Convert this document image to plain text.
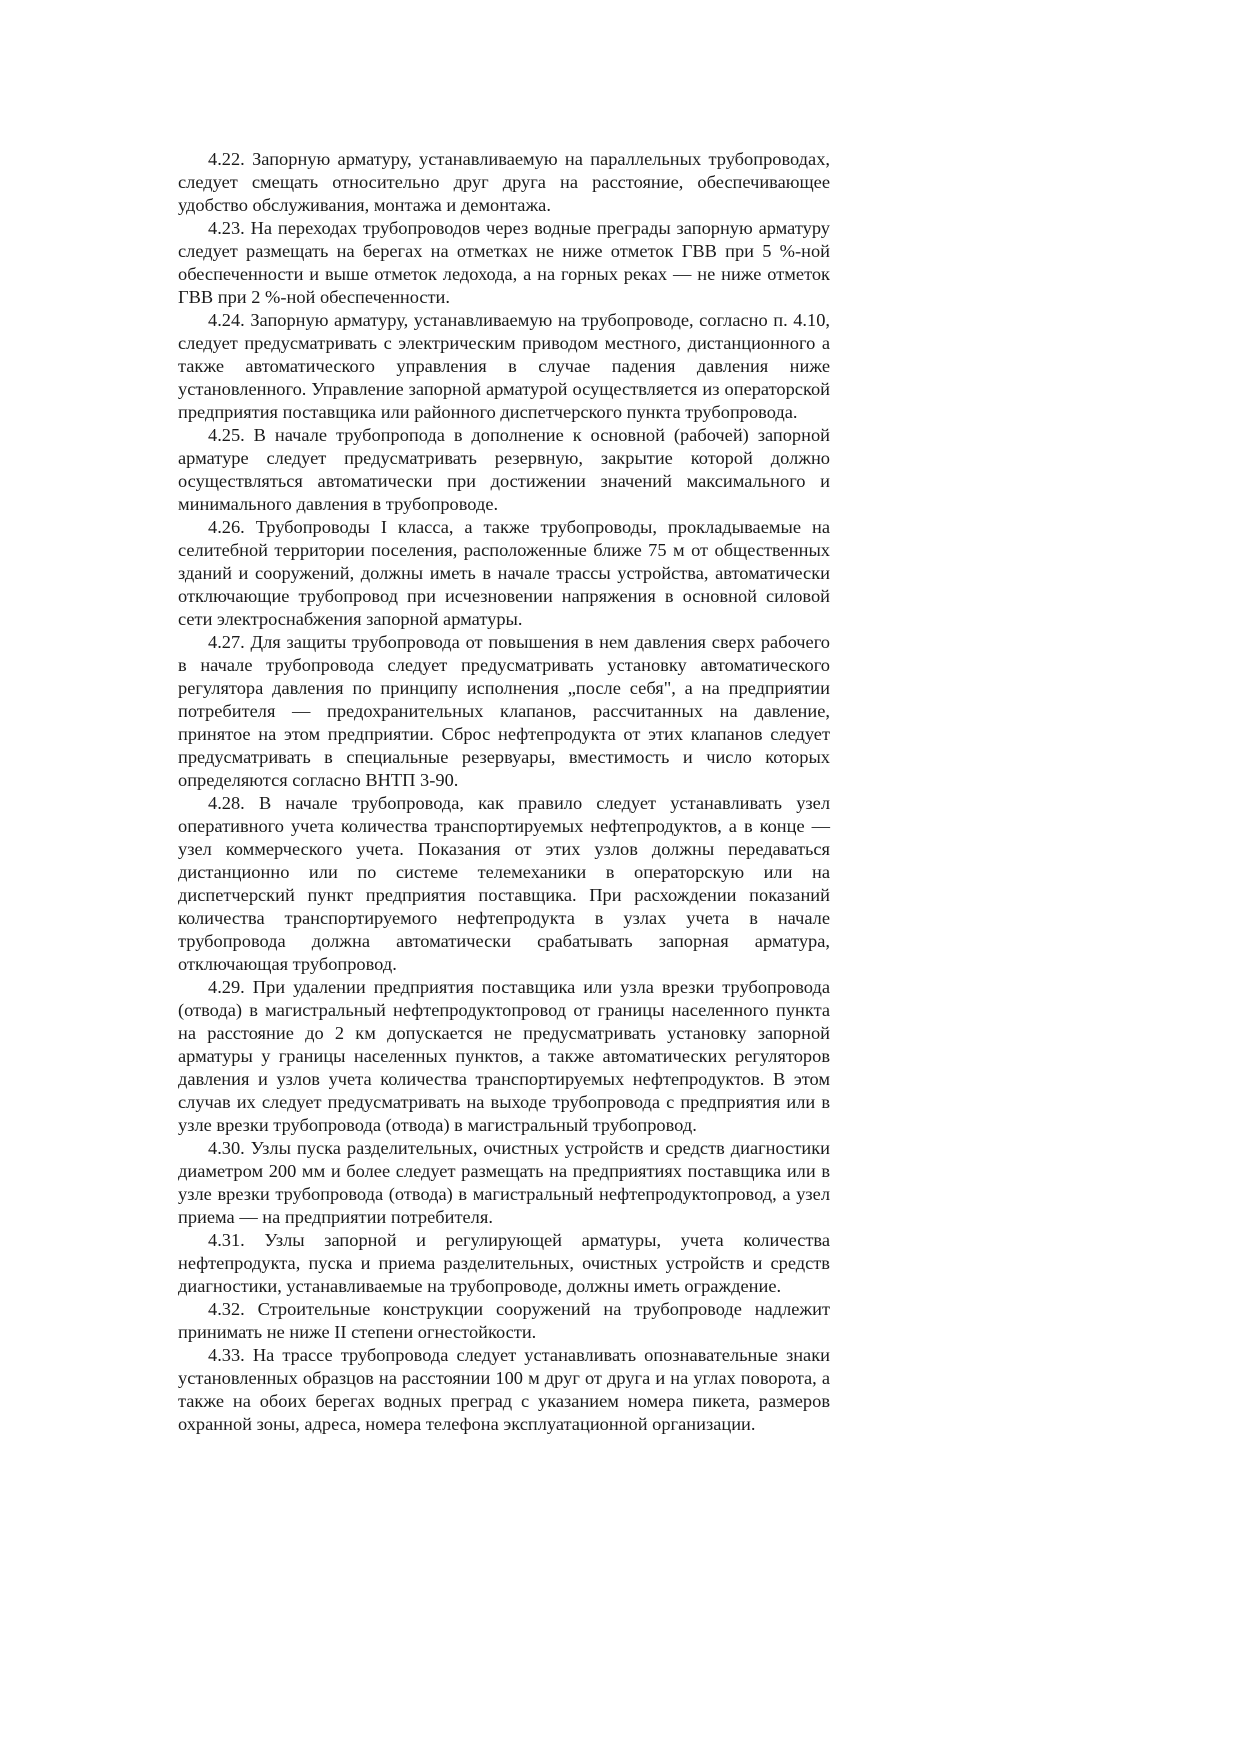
4.22. Запорную арматуру, устанавливаемую на параллельных трубопроводах, следует смещать относительно друг друга на расстояние, обеспечивающее удобство обслуживания, монтажа и демонтажа.

4.23. На переходах трубопроводов через водные преграды запорную арматуру следует размещать на берегах на отметках не ниже отметок ГВВ при 5 %-ной обеспеченности и выше отметок ледохода, а на горных реках — не ниже отметок ГВВ при 2 %-ной обеспеченности.

4.24. Запорную арматуру, устанавливаемую на трубопроводе, согласно п. 4.10, следует предусматривать с электрическим приводом местного, дистанционного а также автоматического управления в случае падения давления ниже установленного. Управление запорной арматурой осуществляется из операторской предприятия поставщика или районного диспетчерского пункта трубопровода.

4.25. В начале трубопропода в дополнение к основной (рабочей) запорной арматуре следует предусматривать резервную, закрытие которой должно осуществляться автоматически при достижении значений максимального и минимального давления в трубопроводе.

4.26. Трубопроводы I класса, а также трубопроводы, прокладываемые на селитебной территории поселения, расположенные ближе 75 м от общественных зданий и сооружений, должны иметь в начале трассы устройства, автоматически отключающие трубопровод при исчезновении напряжения в основной силовой сети электроснабжения запорной арматуры.

4.27. Для защиты трубопровода от повышения в нем давления сверх рабочего в начале трубопровода следует предусматривать установку автоматического регулятора давления по принципу исполнения „после себя", а на предприятии потребителя — предохранительных клапанов, рассчитанных на давление, принятое на этом предприятии. Сброс нефтепродукта от этих клапанов следует предусматривать в специальные резервуары, вместимость и число которых определяются согласно ВНТП 3-90.

4.28. В начале трубопровода, как правило следует устанавливать узел оперативного учета количества транспортируемых нефтепродуктов, а в конце — узел коммерческого учета. Показания от этих узлов должны передаваться дистанционно или по системе телемеханики в операторскую или на диспетчерский пункт предприятия поставщика. При расхождении показаний количества транспортируемого нефтепродукта в узлах учета в начале трубопровода должна автоматически срабатывать запорная арматура, отключающая трубопровод.

4.29. При удалении предприятия поставщика или узла врезки трубопровода (отвода) в магистральный нефтепродуктопровод от границы населенного пункта на расстояние до 2 км допускается не предусматривать установку запорной арматуры у границы населенных пунктов, а также автоматических регуляторов давления и узлов учета количества транспортируемых нефтепродуктов. В этом случав их следует предусматривать на выходе трубопровода с предприятия или в узле врезки трубопровода (отвода) в магистральный трубопровод.

4.30. Узлы пуска разделительных, очистных устройств и средств диагностики диаметром 200 мм и более следует размещать на предприятиях поставщика или в узле врезки трубопровода (отвода) в магистральный нефтепродуктопровод, а узел приема — на предприятии потребителя.

4.31. Узлы запорной и регулирующей арматуры, учета количества нефтепродукта, пуска и приема разделительных, очистных устройств и средств диагностики, устанавливаемые на трубопроводе, должны иметь ограждение.

4.32. Строительные конструкции сооружений на трубопроводе надлежит принимать не ниже II степени огнестойкости.

4.33. На трассе трубопровода следует устанавливать опознавательные знаки установленных образцов на расстоянии 100 м друг от друга и на углах поворота, а также на обоих берегах водных преград с указанием номера пикета, размеров охранной зоны, адреса, номера телефона эксплуатационной организации.
